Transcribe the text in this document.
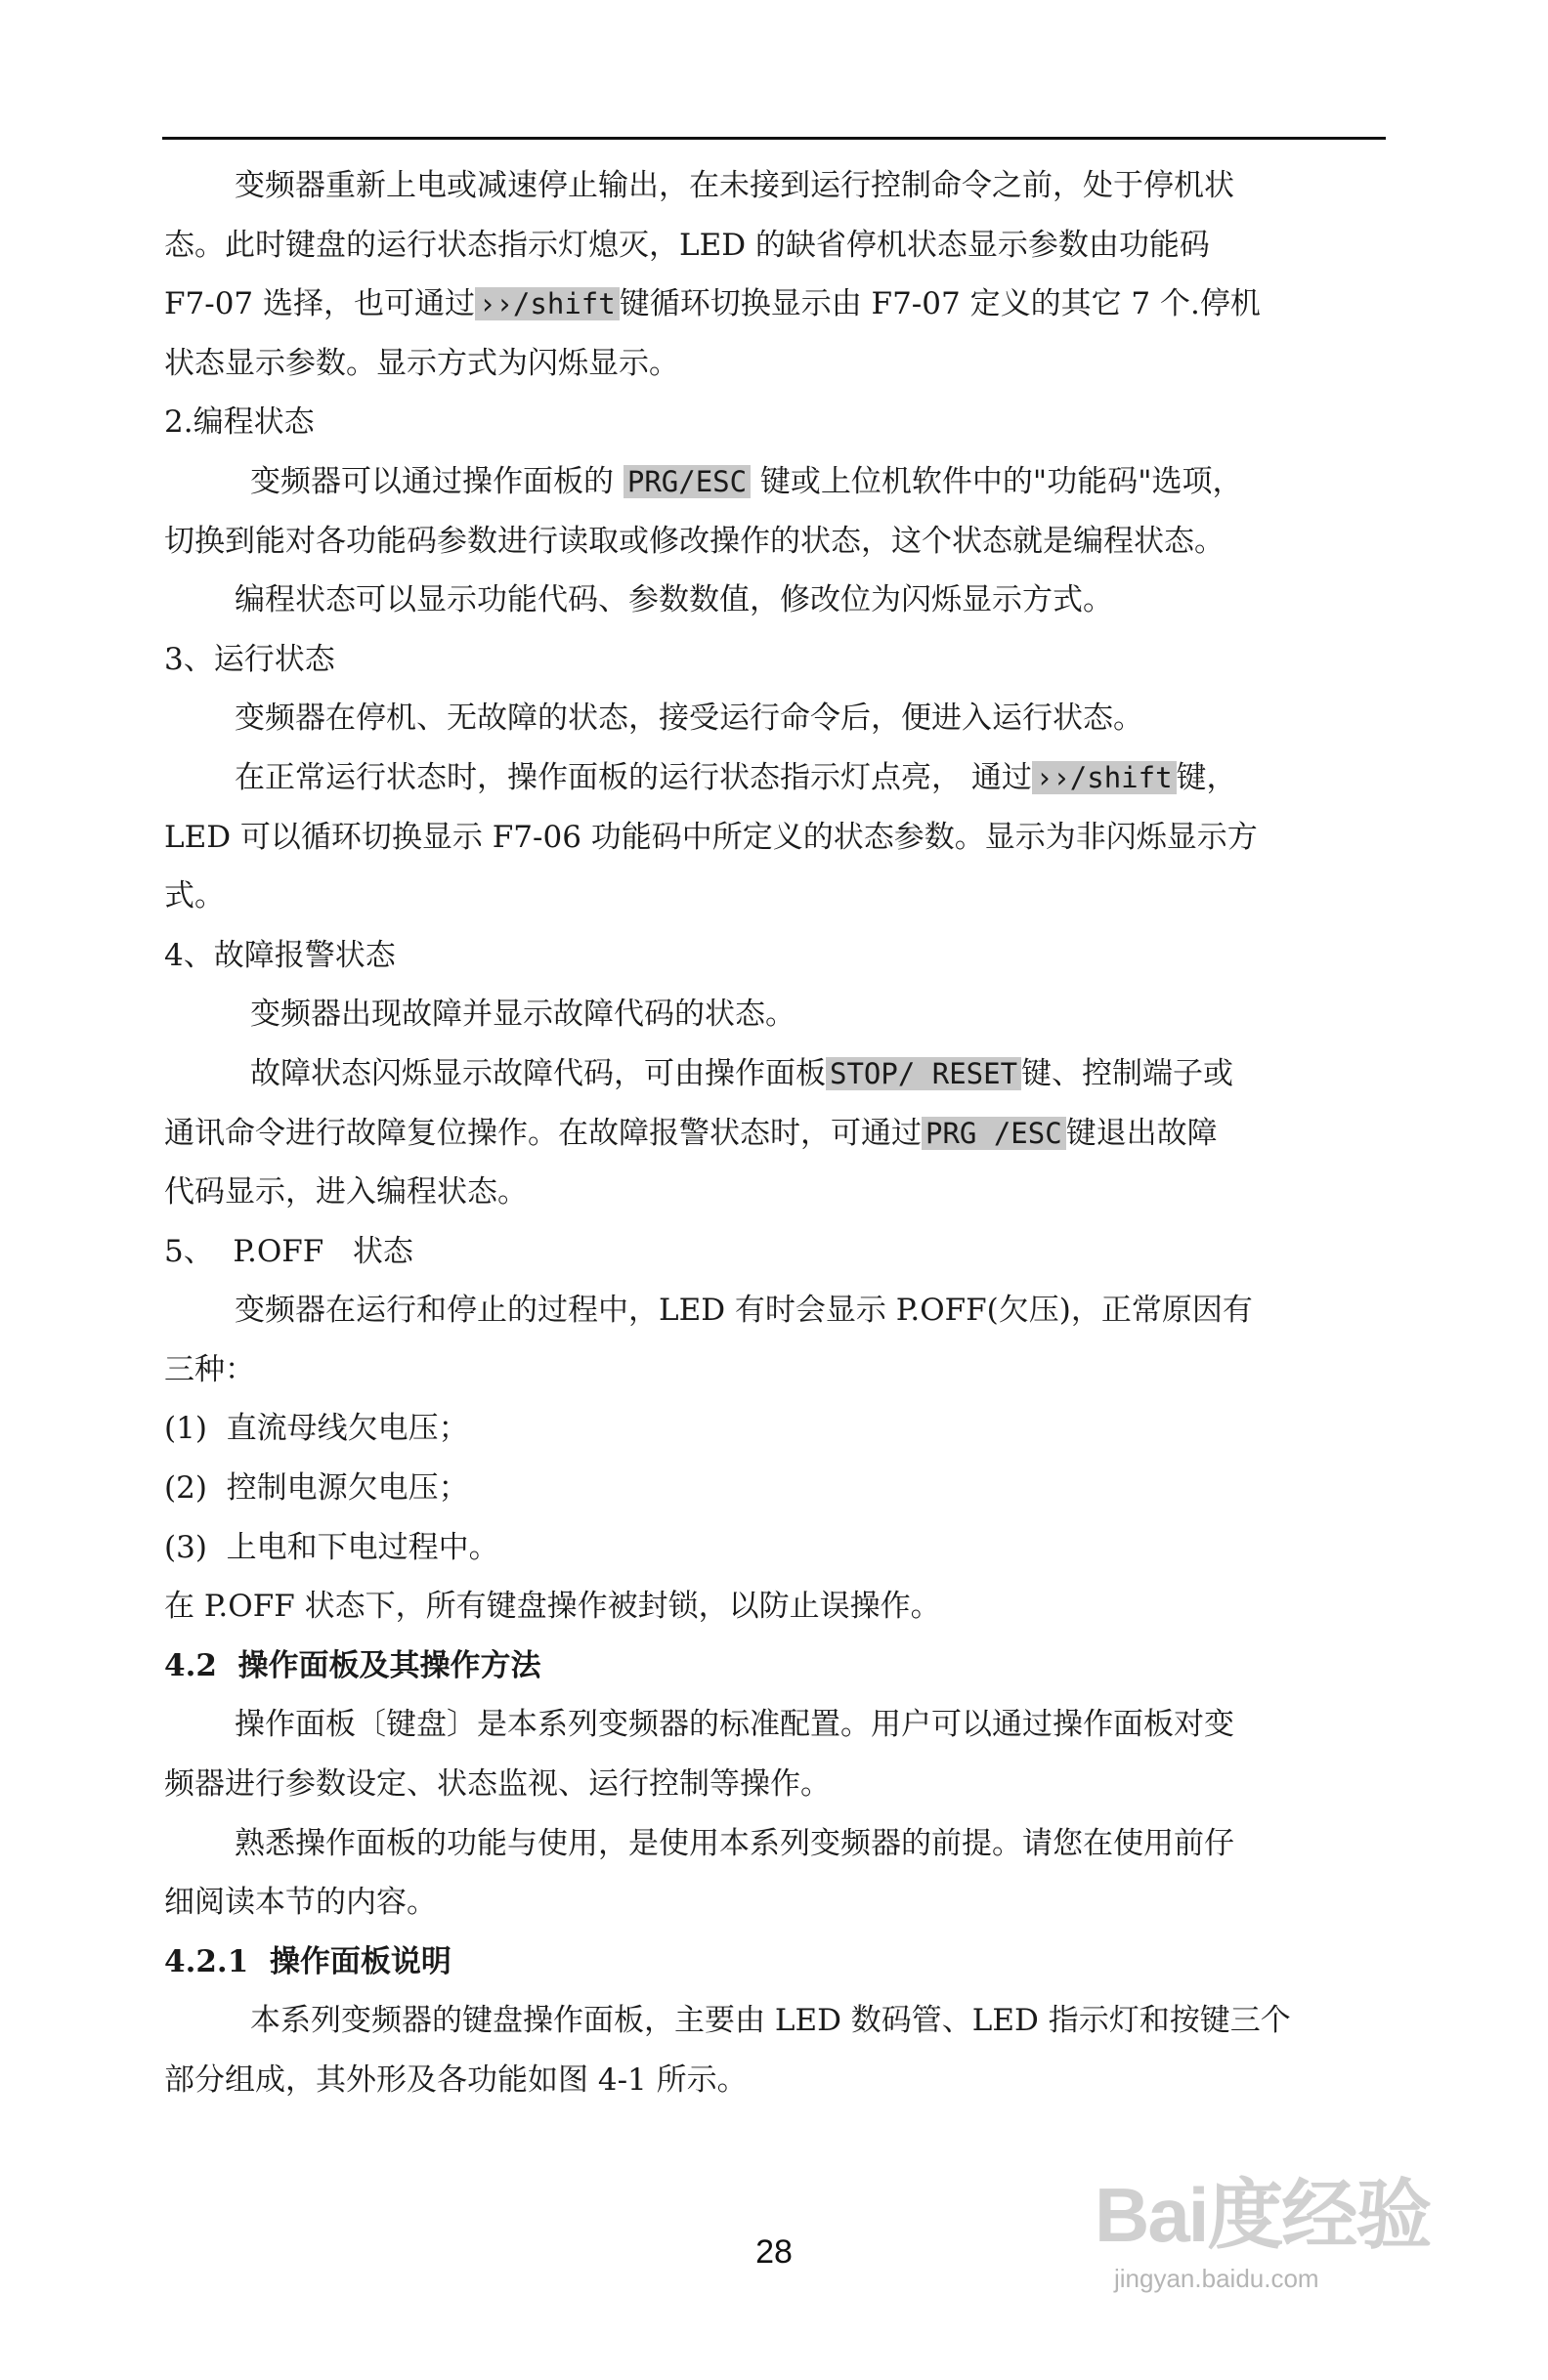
变频器重新上电或减速停止输出，在未接到运行控制命令之前，处于停机状
态。此时键盘的运行状态指示灯熄灭，LED 的缺省停机状态显示参数由功能码
F7-07 选择，也可通过 ››/shift 键循环切换显示由 F7-07 定义的其它 7 个.停机
状态显示参数。显示方式为闪烁显示。
2.编程状态
变频器可以通过操作面板的 PRG/ESC 键或上位机软件中的"功能码"选项，
切换到能对各功能码参数进行读取或修改操作的状态，这个状态就是编程状态。
编程状态可以显示功能代码、参数数值，修改位为闪烁显示方式。
3、运行状态
变频器在停机、无故障的状态，接受运行命令后，便进入运行状态。
在正常运行状态时，操作面板的运行状态指示灯点亮， 通过 ››/shift 键，
LED 可以循环切换显示 F7-06 功能码中所定义的状态参数。显示为非闪烁显示方
式。
4、故障报警状态
变频器出现故障并显示故障代码的状态。
故障状态闪烁显示故障代码，可由操作面板 STOP/ RESET 键、控制端子或
通讯命令进行故障复位操作。在故障报警状态时，可通过 PRG /ESC 键退出故障
代码显示，进入编程状态。
5、  P.OFF   状态
变频器在运行和停止的过程中，LED 有时会显示 P.OFF(欠压)，正常原因有
三种：
(1)  直流母线欠电压；
(2)  控制电源欠电压；
(3)  上电和下电过程中。
在 P.OFF 状态下，所有键盘操作被封锁，以防止误操作。
4.2  操作面板及其操作方法
操作面板〔键盘〕是本系列变频器的标准配置。用户可以通过操作面板对变
频器进行参数设定、状态监视、运行控制等操作。
熟悉操作面板的功能与使用，是使用本系列变频器的前提。请您在使用前仔
细阅读本节的内容。
4.2.1  操作面板说明
本系列变频器的键盘操作面板，主要由 LED 数码管、LED 指示灯和按键三个
部分组成，其外形及各功能如图 4-1 所示。
28	Bai度经验
jingyan.baidu.com
